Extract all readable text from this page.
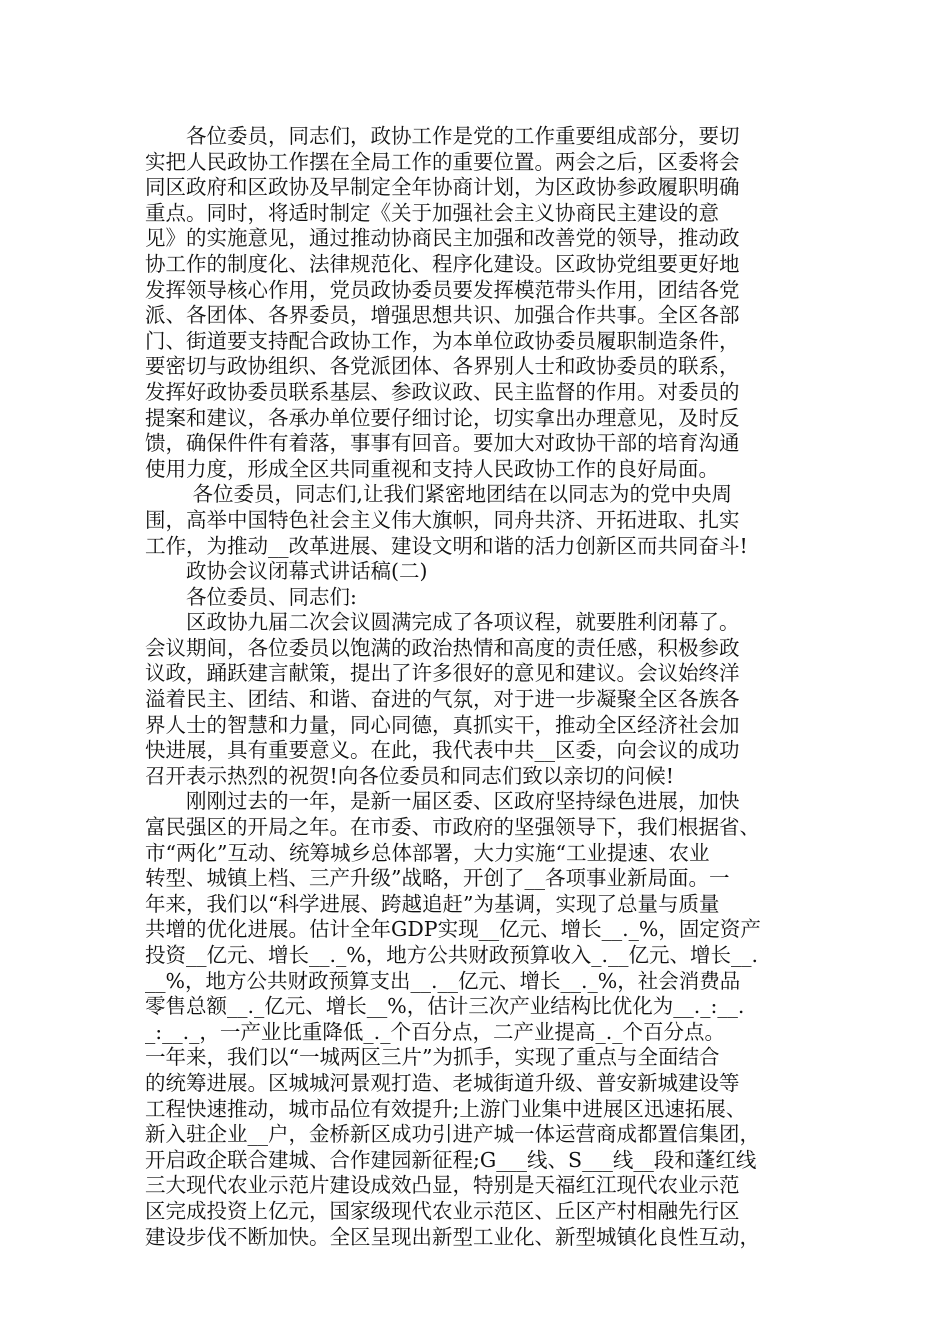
　　各位委员，同志们，政协工作是党的工作重要组成部分，要切
实把人民政协工作摆在全局工作的重要位置。两会之后，区委将会
同区政府和区政协及早制定全年协商计划，为区政协参政履职明确
重点。同时，将适时制定《关于加强社会主义协商民主建设的意
见》的实施意见，通过推动协商民主加强和改善党的领导，推动政
协工作的制度化、法律规范化、程序化建设。区政协党组要更好地
发挥领导核心作用，党员政协委员要发挥模范带头作用，团结各党
派、各团体、各界委员，增强思想共识、加强合作共事。全区各部
门、街道要支持配合政协工作，为本单位政协委员履职制造条件，
要密切与政协组织、各党派团体、各界别人士和政协委员的联系，
发挥好政协委员联系基层、参政议政、民主监督的作用。对委员的
提案和建议，各承办单位要仔细讨论，切实拿出办理意见，及时反
馈，确保件件有着落，事事有回音。要加大对政协干部的培育沟通
使用力度，形成全区共同重视和支持人民政协工作的良好局面。
　　 各位委员，同志们,让我们紧密地团结在以同志为的党中央周
围，高举中国特色社会主义伟大旗帜，同舟共济、开拓进取、扎实
工作，为推动__改革进展、建设文明和谐的活力创新区而共同奋斗!
　　政协会议闭幕式讲话稿(二)
　　各位委员、同志们:
　　区政协九届二次会议圆满完成了各项议程，就要胜利闭幕了。
会议期间，各位委员以饱满的政治热情和高度的责任感，积极参政
议政，踊跃建言献策，提出了许多很好的意见和建议。会议始终洋
溢着民主、团结、和谐、奋进的气氛，对于进一步凝聚全区各族各
界人士的智慧和力量，同心同德，真抓实干，推动全区经济社会加
快进展，具有重要意义。在此，我代表中共__区委，向会议的成功
召开表示热烈的祝贺!向各位委员和同志们致以亲切的问候!
　　刚刚过去的一年，是新一届区委、区政府坚持绿色进展，加快
富民强区的开局之年。在市委、市政府的坚强领导下，我们根据省、
市“两化”互动、统筹城乡总体部署，大力实施“工业提速、农业
转型、城镇上档、三产升级”战略，开创了__各项事业新局面。一
年来，我们以“科学进展、跨越追赶”为基调，实现了总量与质量
共增的优化进展。估计全年GDP实现__亿元、增长__._%，固定资产
投资__亿元、增长__._%，地方公共财政预算收入_.__亿元、增长__.
__%，地方公共财政预算支出__.__亿元、增长__._%，社会消费品
零售总额__._亿元、增长__%，估计三次产业结构比优化为__._:__.
_:__._，一产业比重降低_._个百分点，二产业提高_._个百分点。
一年来，我们以“一城两区三片”为抓手，实现了重点与全面结合
的统筹进展。区城城河景观打造、老城街道升级、普安新城建设等
工程快速推动，城市品位有效提升;上游门业集中进展区迅速拓展、
新入驻企业__户，金桥新区成功引进产城一体运营商成都置信集团，
开启政企联合建城、合作建园新征程;G___线、S___线__段和蓬红线
三大现代农业示范片建设成效凸显，特别是天福红江现代农业示范
区完成投资上亿元，国家级现代农业示范区、丘区产村相融先行区
建设步伐不断加快。全区呈现出新型工业化、新型城镇化良性互动，
